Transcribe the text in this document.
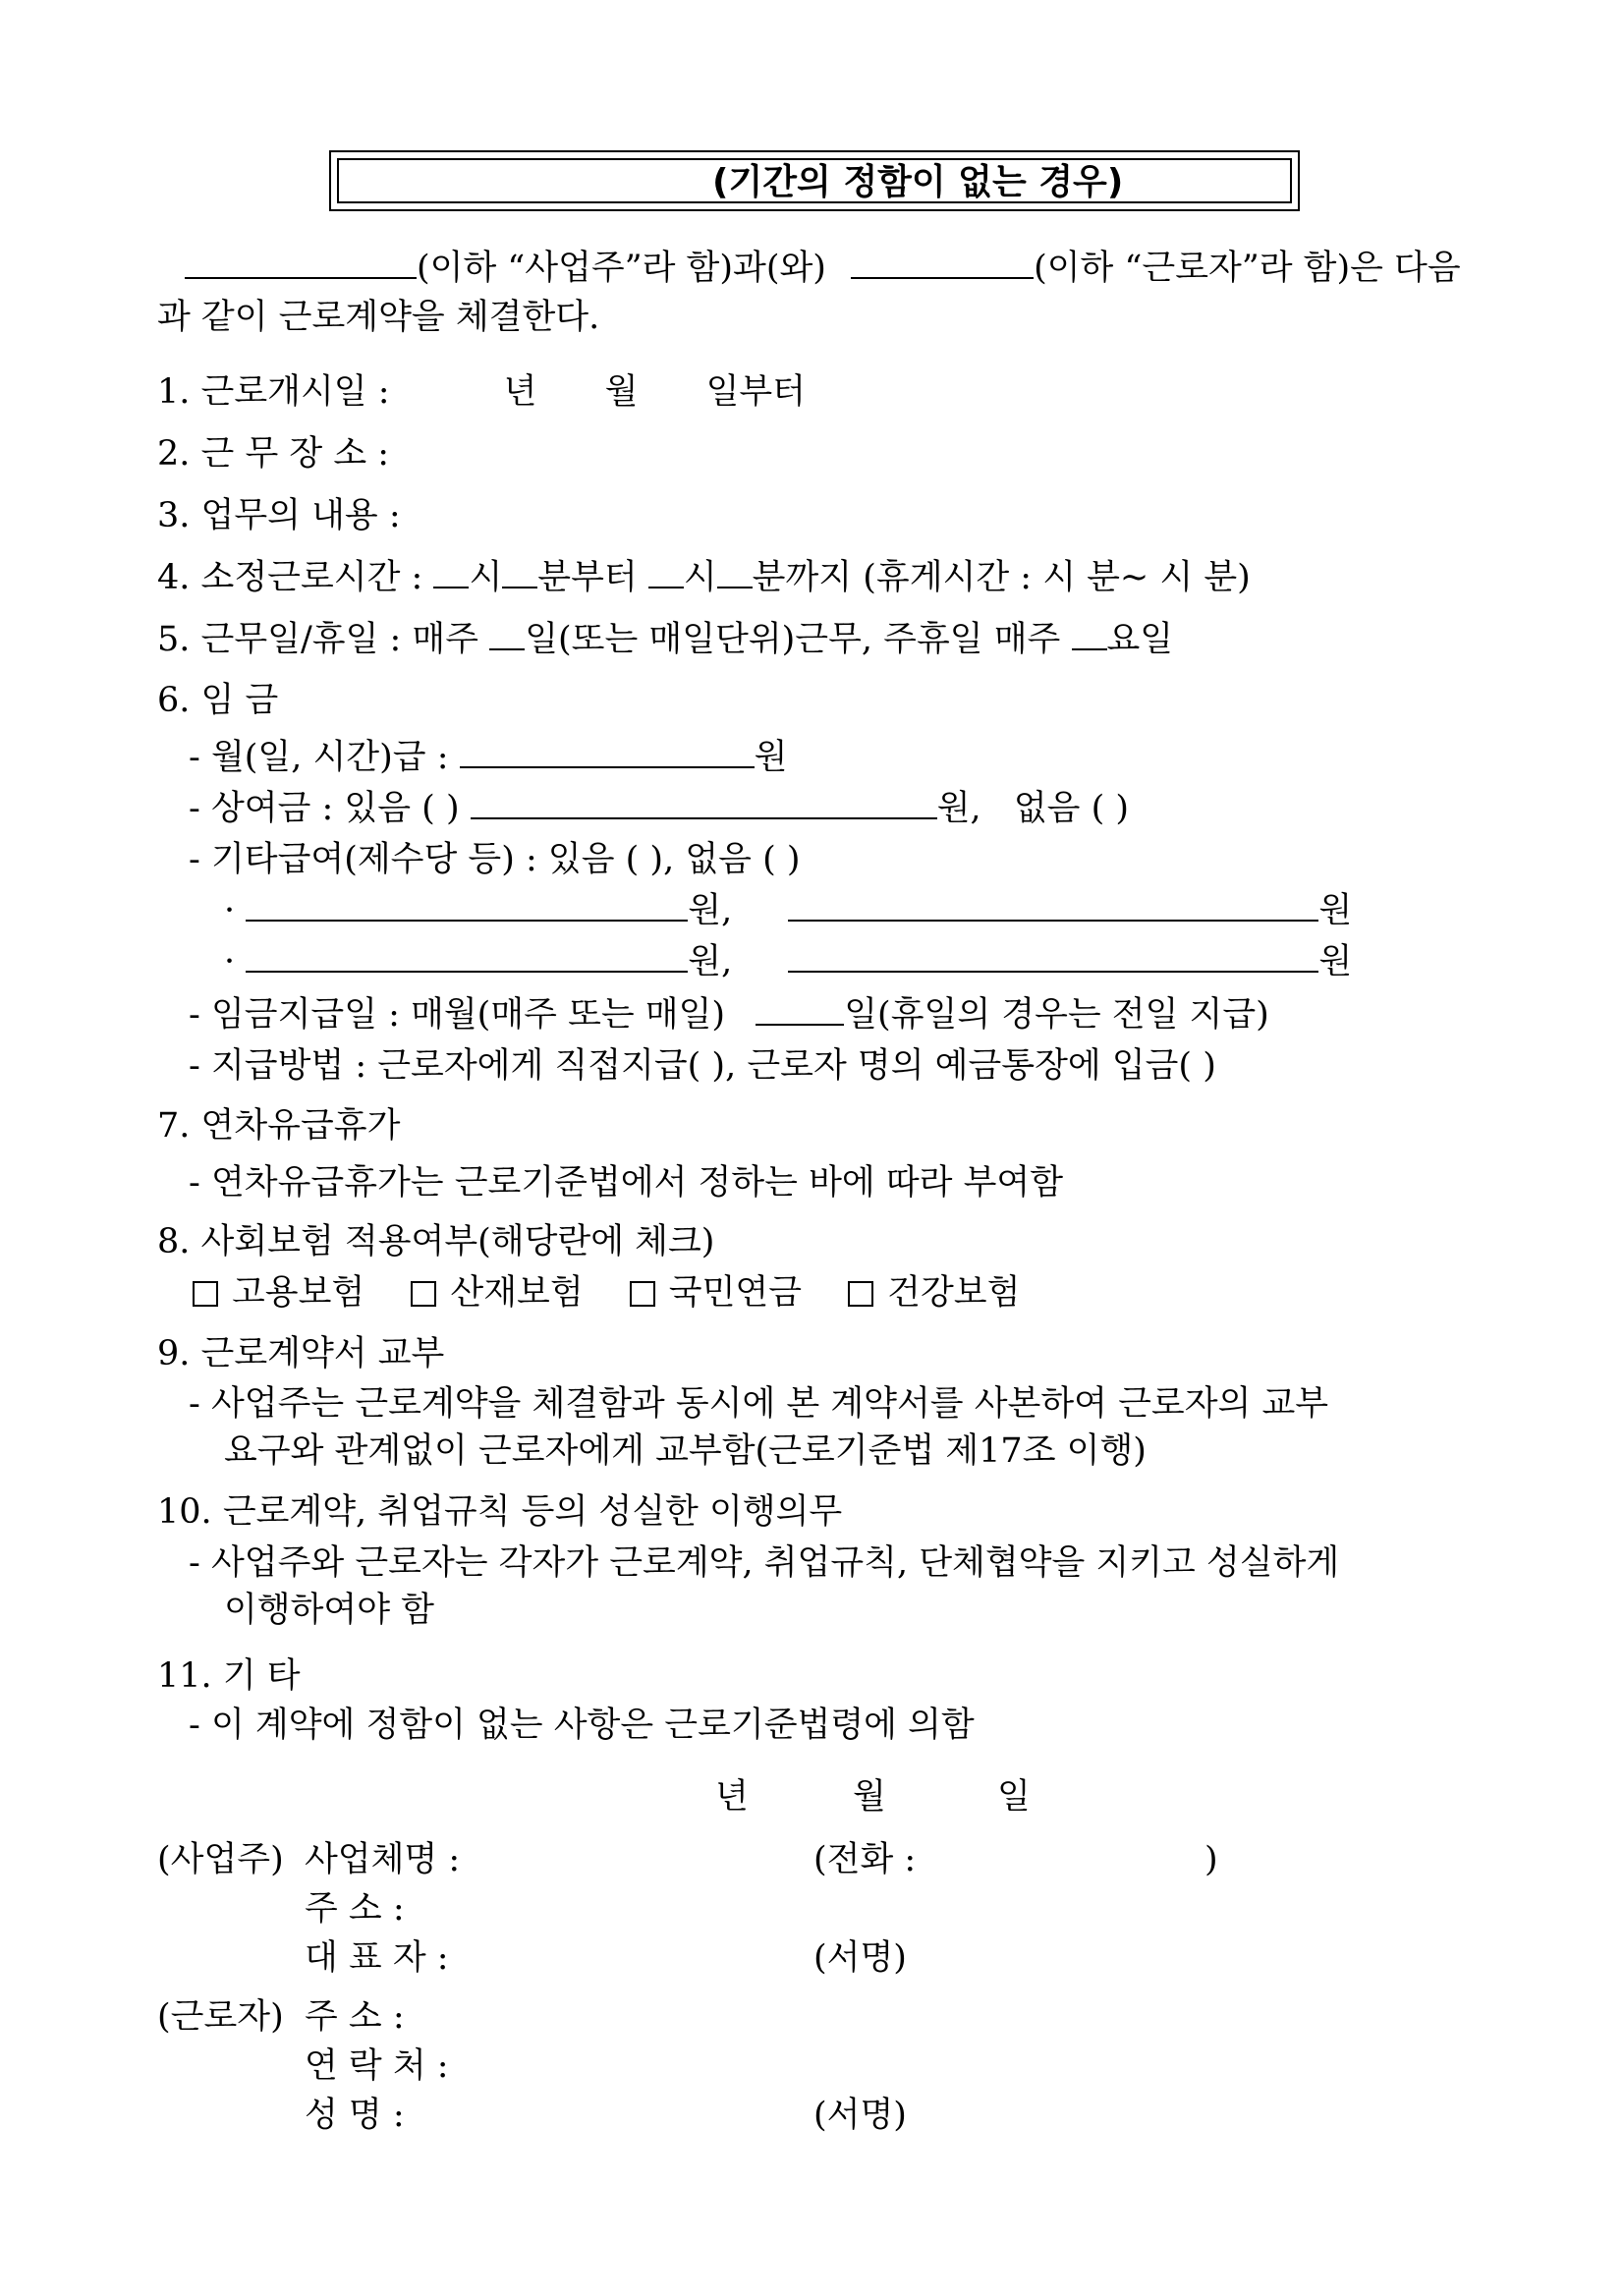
(기간의 정함이 없는 경우)
(이하 “사업주”라 함)과(와)	(이하 “근로자”라 함)은 다음
과 같이 근로계약을 체결한다.
1. 근로개시일 :	년 월 일부터
2. 근 무 장 소 :
3. 업무의 내용 :
4. 소정근로시간 : 시 분부터 시 분까지 (휴게시간 : 시 분~ 시 분)
5. 근무일/휴일 : 매주 일(또는 매일단위)근무, 주휴일 매주 요일
6. 임 금
- 월(일, 시간)급 :	원
- 상여금 : 있음 ( )	원, 없음 ( )
- 기타급여(제수당 등) : 있음 ( ), 없음 ( )
·	원,	원
·	원,	원
- 임금지급일 : 매월(매주 또는 매일)	일(휴일의 경우는 전일 지급)
- 지급방법 : 근로자에게 직접지급( ), 근로자 명의 예금통장에 입금( )
7. 연차유급휴가
- 연차유급휴가는 근로기준법에서 정하는 바에 따라 부여함
8. 사회보험 적용여부(해당란에 체크)
고용보험 산재보험 국민연금 건강보험
9. 근로계약서 교부
- 사업주는 근로계약을 체결함과 동시에 본 계약서를 사본하여 근로자의 교부
요구와 관계없이 근로자에게 교부함(근로기준법 제17조 이행)
10. 근로계약, 취업규칙 등의 성실한 이행의무
- 사업주와 근로자는 각자가 근로계약, 취업규칙, 단체협약을 지키고 성실하게
이행하여야 함
11. 기 타
- 이 계약에 정함이 없는 사항은 근로기준법령에 의함
년	월	일
(사업주) 사업체명 :	(전화 :	)
주 소 :
대 표 자 :	(서명)
(근로자) 주 소 :
연 락 처 :
성 명 :	(서명)
